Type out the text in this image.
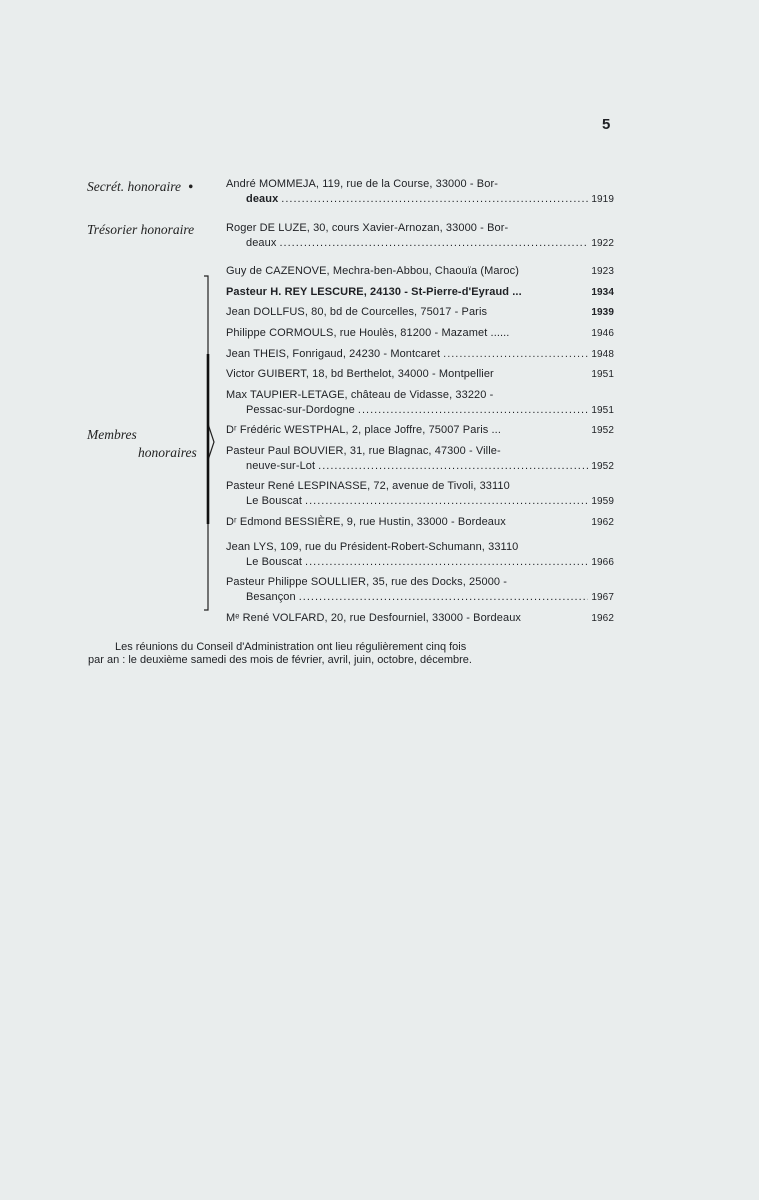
5
Secrét. honoraire •
Trésorier honoraire
Membres
honoraires
André MOMMEJA, 119, rue de la Course, 33000 - Bor-
deaux .....	1919
Roger DE LUZE, 30, cours Xavier-Arnozan, 33000 - Bor-
deaux .....	1922
Guy de CAZENOVE, Mechra-ben-Abbou, Chaouïa (Maroc)	1923
Pasteur H. REY LESCURE, 24130 - St-Pierre-d'Eyraud ...	1934
Jean DOLLFUS, 80, bd de Courcelles, 75017 - Paris	1939
Philippe CORMOULS, rue Houlès, 81200 - Mazamet ......	1946
Jean THEIS, Fonrigaud, 24230 - Montcaret .....	1948
Victor GUIBERT, 18, bd Berthelot, 34000 - Montpellier	1951
Max TAUPIER-LETAGE, château de Vidasse, 33220 -
Pessac-sur-Dordogne .....	1951
Dʳ Frédéric WESTPHAL, 2, place Joffre, 75007 Paris ...	1952
Pasteur Paul BOUVIER, 31, rue Blagnac, 47300 - Ville-
neuve-sur-Lot .....	1952
Pasteur René LESPINASSE, 72, avenue de Tivoli, 33110
Le Bouscat .....	1959
Dʳ Edmond BESSIÈRE, 9, rue Hustin, 33000 - Bordeaux	1962
Jean LYS, 109, rue du Président-Robert-Schumann, 33110
Le Bouscat .....	1966
Pasteur Philippe SOULLIER, 35, rue des Docks, 25000 -
Besançon .....	1967
Mᵉ René VOLFARD, 20, rue Desfourniel, 33000 - Bordeaux	1962
Les réunions du Conseil d'Administration ont lieu régulièrement cinq fois
par an : le deuxième samedi des mois de février, avril, juin, octobre, décembre.
